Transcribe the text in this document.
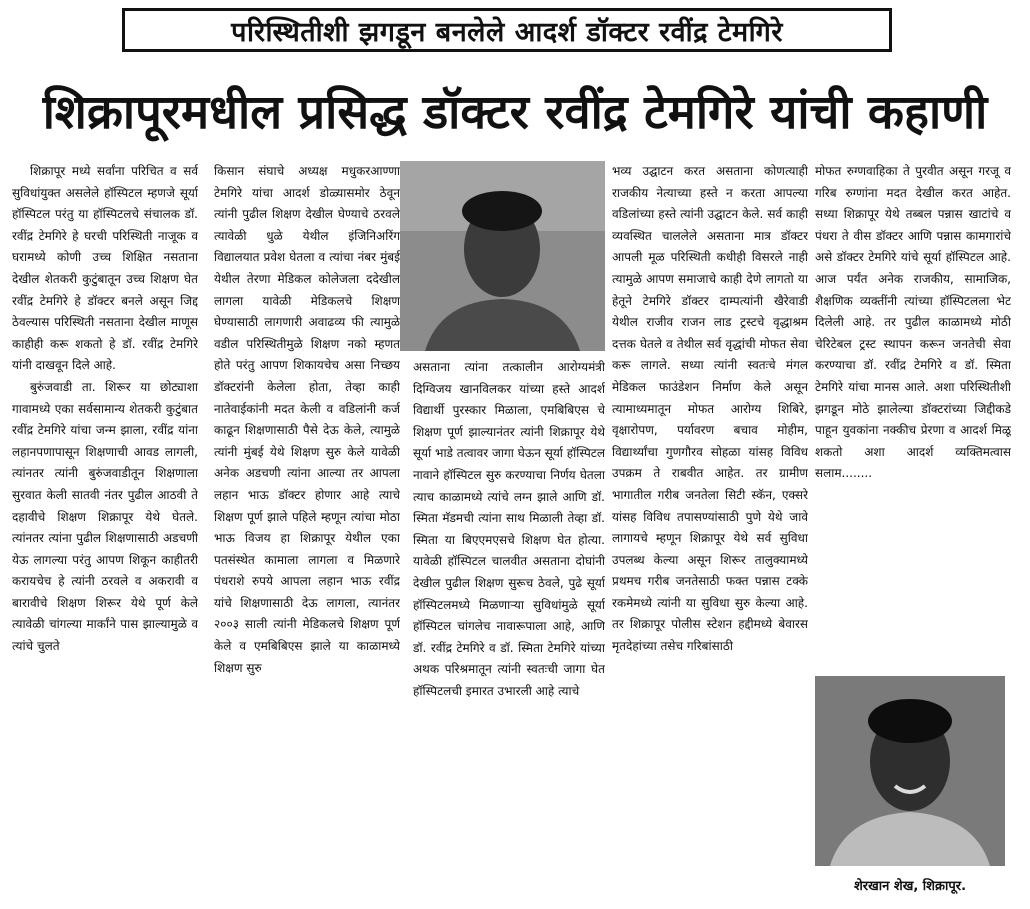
परिस्थितीशी झगडून बनलेले आदर्श डॉक्टर रवींद्र टेमगिरे
शिक्रापूरमधील प्रसिद्ध डॉक्टर रवींद्र टेमगिरे यांची कहाणी

शिक्रापूर मध्ये सर्वांना परिचित व सर्व सुविधांयुक्त असलेले हॉस्पिटल म्हणजे सूर्या हॉस्पिटल परंतु या हॉस्पिटलचे संचालक डॉ. रवींद्र टेमगिरे हे घरची परिस्थिती नाजूक व घरामध्ये कोणी उच्च शिक्षित नसताना देखील शेतकरी कुटुंबातून उच्च शिक्षण घेत रवींद्र टेमगिरे हे डॉक्टर बनले असून जिद्द ठेवल्यास परिस्थिती नसताना देखील माणूस काहीही करू शकतो हे डॉ. रवींद्र टेमगिरे यांनी दाखवून दिले आहे.

बुरुंजवाडी ता. शिरूर या छोट्याशा गावामध्ये एका सर्वसामान्य शेतकरी कुटुंबात रवींद्र टेमगिरे यांचा जन्म झाला, रवींद्र यांना लहानपणापासून शिक्षणाची आवड लागली, त्यांनतर त्यांनी बुरुंजवाडीतून शिक्षणाला सुरवात केली सातवी नंतर पुढील आठवी ते दहावीचे शिक्षण शिक्रापूर येथे घेतले. त्यांनतर त्यांना पुढील शिक्षणासाठी अडचणी येऊ लागल्या परंतु आपण शिकून काहीतरी करायचेच हे त्यांनी ठरवले व अकरावी व बारावीचे शिक्षण शिरूर येथे पूर्ण केले त्यावेळी चांगल्या मार्कांने पास झाल्यामुळे व त्यांचे चुलते

किसान संघाचे अध्यक्ष मधुकरआण्णा टेमगिरे यांचा आदर्श डोळ्यासमोर ठेवून त्यांनी पुढील शिक्षण देखील घेण्याचे ठरवले त्यावेळी धुळे येथील इंजिनिअरिंग विद्यालयात प्रवेश घेतला व त्यांचा नंबर मुंबई येथील तेरणा मेडिकल कोलेजला ददेखील लागला यावेळी मेडिकलचे शिक्षण घेण्यासाठी लागणारी अवाढव्य फी त्यामुळे वडील परिस्थितीमुळे शिक्षण नको म्हणत होते परंतु आपण शिकायचेच असा निच्छय डॉक्टरांनी केलेला होता, तेव्हा काही नातेवाईकांनी मदत केली व वडिलांनी कर्ज काढून शिक्षणासाठी पैसे देऊ केले, त्यामुळे त्यांनी मुंबई येथे शिक्षण सुरु केले यावेळी अनेक अडचणी त्यांना आल्या तर आपला लहान भाऊ डॉक्टर होणार आहे त्याचे शिक्षण पूर्ण झाले पहिले म्हणून त्यांचा मोठा भाऊ विजय हा शिक्रापूर येथील एका पतसंस्थेत कामाला लागला व मिळणारे पंधराशे रुपये आपला लहान भाऊ रवींद्र यांचे शिक्षणासाठी देऊ लागला, त्यानंतर २००३ साली त्यांनी मेडिकलचे शिक्षण पूर्ण केले व एमबिबिएस झाले या काळामध्ये शिक्षण सुरु

असताना त्यांना तत्कालीन आरोग्यमंत्री दिग्विजय खानविलकर यांच्या हस्ते आदर्श विद्यार्थी पुरस्कार मिळाला, एमबिबिएस चे शिक्षण पूर्ण झाल्यानंतर त्यांनी शिक्रापूर येथे सूर्या भाडे तत्वावर जागा घेऊन सूर्या हॉस्पिटल नावाने हॉस्पिटल सुरु करण्याचा निर्णय घेतला त्याच काळामध्ये त्यांचे लग्न झाले आणि डॉ. स्मिता मॅडमची त्यांना साथ मिळाली तेव्हा डॉ. स्मिता या बिएएमएसचे शिक्षण घेत होत्या. यावेळी हॉस्पिटल चालवीत असताना दोघांनी देखील पुढील शिक्षण सुरूच ठेवले, पुढे सूर्या हॉस्पिटलमध्ये मिळणाऱ्या सुविधांमुळे सूर्या हॉस्पिटल चांगलेच नावारूपाला आहे, आणि डॉ. रवींद्र टेमगिरे व डॉ. स्मिता टेमगिरे यांच्या अथक परिश्रमातून त्यांनी स्वतःची जागा घेत हॉस्पिटलची इमारत उभारली आहे त्याचे

भव्य उद्घाटन करत असताना कोणत्याही राजकीय नेत्याच्या हस्ते न करता आपल्या वडिलांच्या हस्ते त्यांनी उद्घाटन केले. सर्व काही व्यवस्थित चाललेले असताना मात्र डॉक्टर आपली मूळ परिस्थिती कधीही विसरले नाही त्यामुळे आपण समाजाचे काही देणे लागतो या हेतूने टेमगिरे डॉक्टर दाम्पत्यांनी खैरेवाडी येथील राजीव राजन लाड ट्रस्टचे वृद्धाश्रम दत्तक घेतले व तेथील सर्व वृद्धांची मोफत सेवा करू लागले. सध्या त्यांनी स्वतःचे मंगल मेडिकल फाउंडेशन निर्माण केले असून त्यामाध्यमातून मोफत आरोग्य शिबिरे, वृक्षारोपण, पर्यावरण बचाव मोहीम, विद्यार्थ्यांचा गुणगौरव सोहळा यांसह विविध उपक्रम ते राबवीत आहेत. तर ग्रामीण भागातील गरीब जनतेला सिटी स्कॅन, एक्सरे यांसह विविध तपासण्यांसाठी पुणे येथे जावे लागायचे म्हणून शिक्रापूर येथे सर्व सुविधा उपलब्ध केल्या असून शिरूर तालुक्यामध्ये प्रथमच गरीब जनतेसाठी फक्त पन्नास टक्के रकमेमध्ये त्यांनी या सुविधा सुरु केल्या आहे. तर शिक्रापूर पोलीस स्टेशन हद्दीमध्ये बेवारस मृतदेहांच्या तसेच गरिबांसाठी

मोफत रुग्णवाहिका ते पुरवीत असून गरजू व गरिब रुग्णांना मदत देखील करत आहेत. सध्या शिक्रापूर येथे तब्बल पन्नास खाटांचे व पंधरा ते वीस डॉक्टर आणि पन्नास कामगारांचे असे डॉक्टर टेमगिरे यांचे सूर्या हॉस्पिटल आहे. आज पर्यंत अनेक राजकीय, सामाजिक, शैक्षणिक व्यक्तींनी त्यांच्या हॉस्पिटलला भेट दिलेली आहे. तर पुढील काळामध्ये मोठी चेरिटेबल ट्रस्ट स्थापन करून जनतेची सेवा करण्याचा डॉ. रवींद्र टेमगिरे व डॉ. स्मिता टेमगिरे यांचा मानस आले. अशा परिस्थितीशी झगडून मोठे झालेल्या डॉक्टरांच्या जिद्दीकडे पाहून युवकांना नक्कीच प्रेरणा व आदर्श मिळू शकतो अशा आदर्श व्यक्तिमत्वास सलाम........

शेरखान शेख, शिक्रापूर.
